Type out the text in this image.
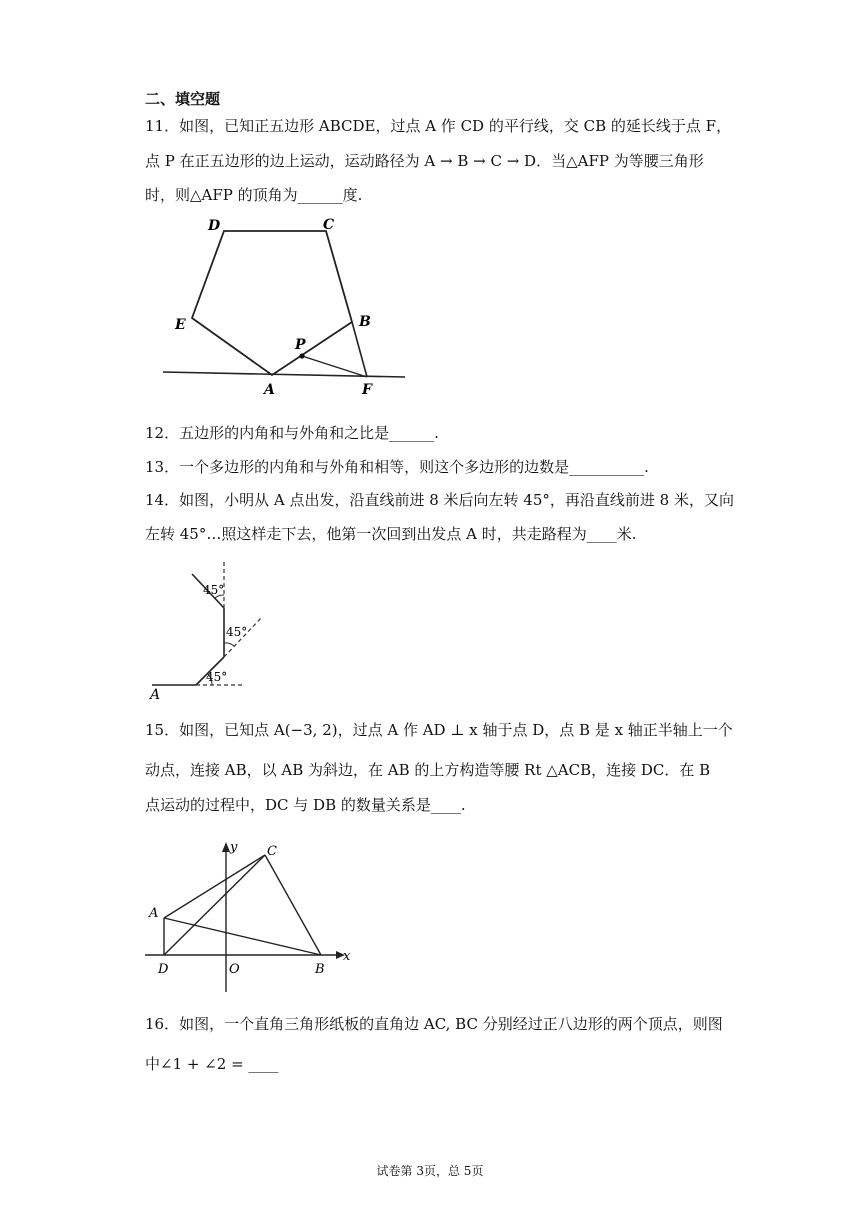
二、填空题
11．如图，已知正五边形 ABCDE，过点 A 作 CD 的平行线，交 CB 的延长线于点 F，
点 P 在正五边形的边上运动，运动路径为 A → B → C → D．当△AFP 为等腰三角形
时，则△AFP 的顶角为______度.
D	C
E	B
P
A	F
12．五边形的内角和与外角和之比是______.
13．一个多边形的内角和与外角和相等，则这个多边形的边数是__________.
14．如图，小明从 A 点出发，沿直线前进 8 米后向左转 45°，再沿直线前进 8 米，又向
左转 45°…照这样走下去，他第一次回到出发点 A 时，共走路程为____米.
45°
45°
45°
A
15．如图，已知点 A(−3, 2)，过点 A 作 AD ⊥ x 轴于点 D，点 B 是 x 轴正半轴上一个
动点，连接 AB，以 AB 为斜边，在 AB 的上方构造等腰 Rt △ACB，连接 DC．在 B
点运动的过程中，DC 与 DB 的数量关系是____.
y
x
C
A
D	O	B
16．如图，一个直角三角形纸板的直角边 AC, BC 分别经过正八边形的两个顶点，则图
中∠1 + ∠2 = ____
试卷第 3页，总 5页
